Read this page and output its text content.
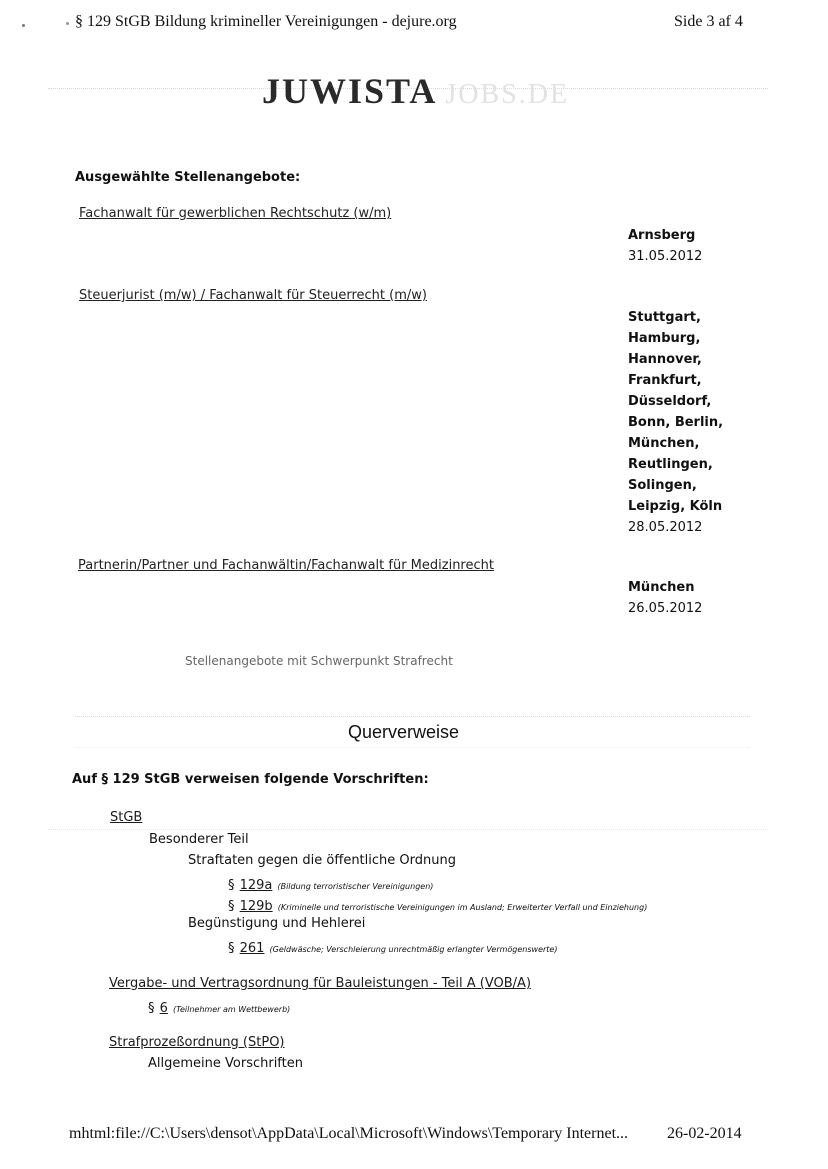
§ 129 StGB Bildung krimineller Vereinigungen - dejure.org	Side 3 af 4
JUWISTA JOBS.DE
Ausgewählte Stellenangebote:
Fachanwalt für gewerblichen Rechtschutz (w/m)
Arnsberg
31.05.2012
Steuerjurist (m/w) / Fachanwalt für Steuerrecht (m/w)
Stuttgart,
Hamburg,
Hannover,
Frankfurt,
Düsseldorf,
Bonn, Berlin,
München,
Reutlingen,
Solingen,
Leipzig, Köln
28.05.2012
Partnerin/Partner und Fachanwältin/Fachanwalt für Medizinrecht
München
26.05.2012
Stellenangebote mit Schwerpunkt Strafrecht
Querverweise
Auf § 129 StGB verweisen folgende Vorschriften:
StGB
Besonderer Teil
Straftaten gegen die öffentliche Ordnung
§ 129a (Bildung terroristischer Vereinigungen)
§ 129b (Kriminelle und terroristische Vereinigungen im Ausland; Erweiterter Verfall und Einziehung)
Begünstigung und Hehlerei
§ 261 (Geldwäsche; Verschleierung unrechtmäßig erlangter Vermögenswerte)
Vergabe- und Vertragsordnung für Bauleistungen - Teil A (VOB/A)
§ 6 (Teilnehmer am Wettbewerb)
Strafprozeßordnung (StPO)
Allgemeine Vorschriften
mhtml:file://C:\Users\densot\AppData\Local\Microsoft\Windows\Temporary Internet... 26-02-2014
